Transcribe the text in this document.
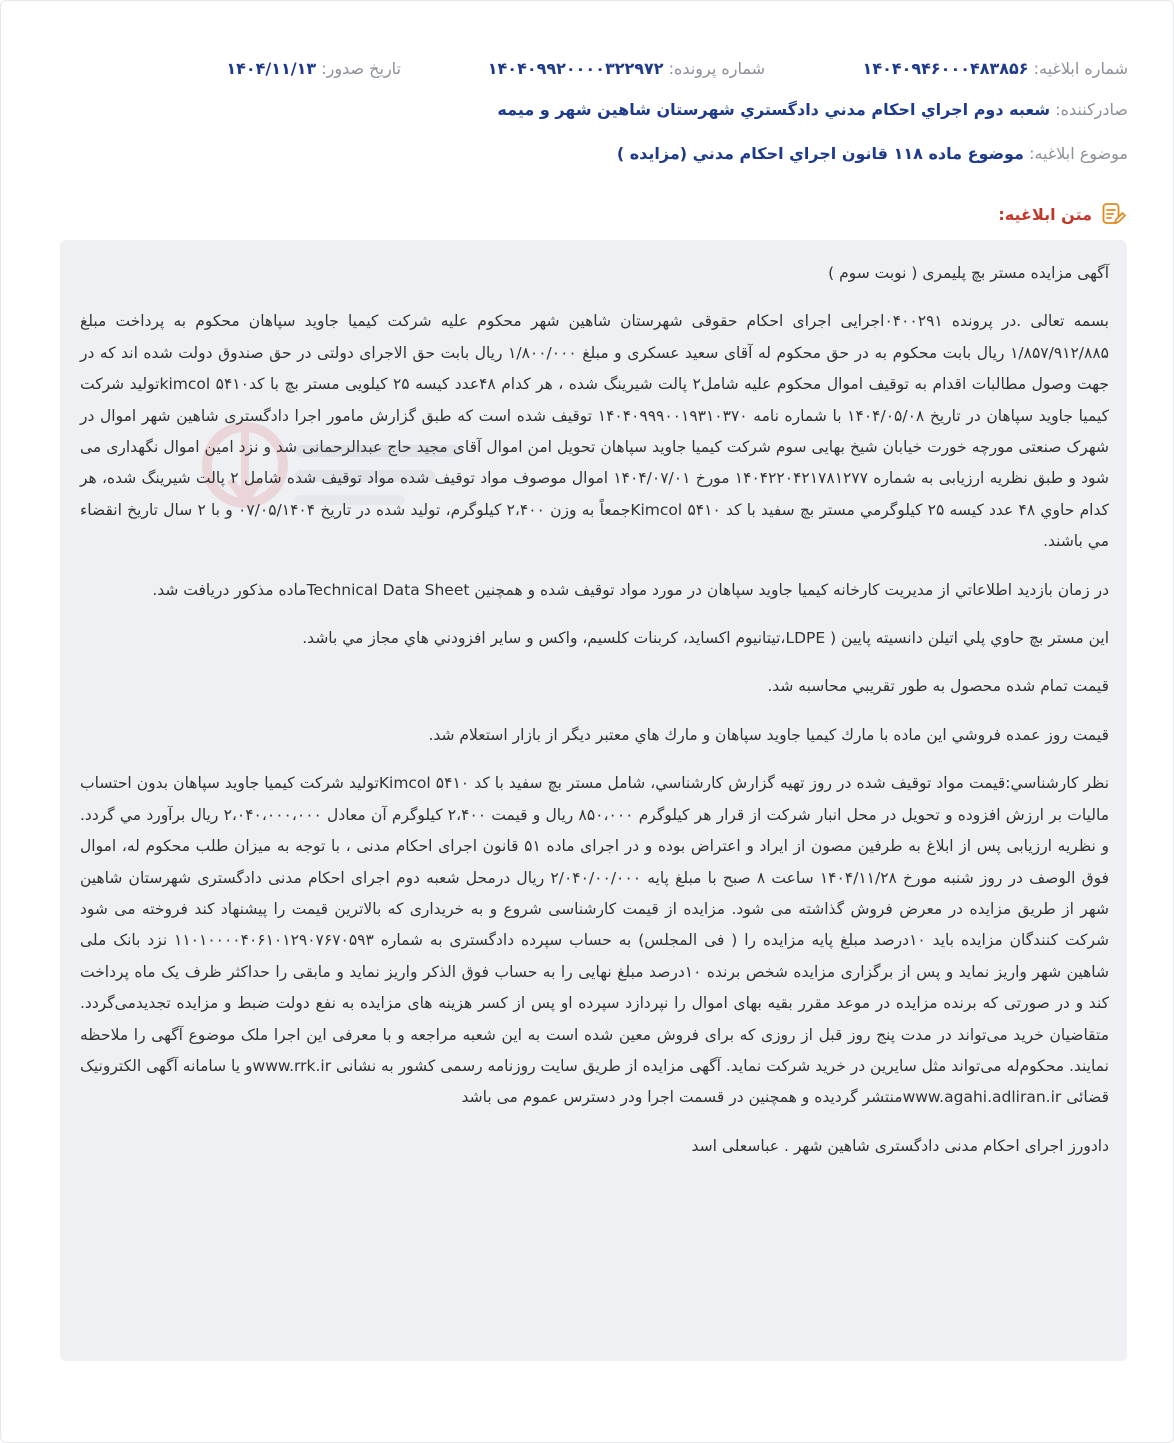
شماره ابلاغیه: ۱۴۰۴۰۹۴۶۰۰۰۴۸۳۸۵۶
شماره پرونده: ۱۴۰۴۰۹۹۲۰۰۰۰۳۲۲۹۷۲
تاریخ صدور: ۱۴۰۴/۱۱/۱۳
صادرکننده: شعبه دوم اجراي احكام مدني دادگستري شهرستان شاهين شهر و ميمه
موضوع ابلاغیه: موضوع ماده ۱۱۸ قانون اجراي احكام مدني (مزايده )
متن ابلاغیه:

آگهی مزایده مستر بچ پلیمری ( نوبت سوم )

بسمه تعالی .در پرونده ۰۴۰۰۲۹۱اجرایی اجرای احکام حقوقی شهرستان شاهین شهر محکوم علیه شرکت کیمیا جاوید سپاهان محکوم به پرداخت مبلغ ۱/۸۵۷/۹۱۲/۸۸۵ ریال بابت محکوم به در حق محکوم له آقای سعید عسکری و مبلغ ۱/۸۰۰/۰۰۰ ریال بابت حق الاجرای دولتی در حق صندوق دولت شده اند که در جهت وصول مطالبات اقدام به توقیف اموال محکوم علیه شامل۲ پالت شیرینگ شده ، هر کدام ۴۸عدد کیسه ۲۵ کیلویی مستر بچ با کد۵۴۱۰ kimcolتولید شرکت کیمیا جاوید سپاهان در تاریخ ۱۴۰۴/۰۵/۰۸ با شماره نامه ۱۴۰۴۰۹۹۹۰۰۱۹۳۱۰۳۷۰ توقیف شده است که طبق گزارش مامور اجرا دادگستری شاهین شهر اموال در شهرک صنعتی مورچه خورت خیابان شیخ بهایی سوم شرکت کیمیا جاوید سپاهان تحویل امن اموال آقای مجید حاج عبدالرحمانی شد و نزد امین اموال نگهداری می شود و طبق نظریه ارزیابی به شماره ۱۴۰۴۲۲۰۴۲۱۷۸۱۲۷۷ مورخ ۱۴۰۴/۰۷/۰۱ اموال موصوف مواد توقيف شده مواد توقيف شده شامل ۲ پالت شيرينگ شده، هر كدام حاوي ۴۸ عدد كيسه ۲۵ كيلوگرمي مستر بچ سفيد با كد Kimcol ۵۴۱۰جمعاً به وزن ۲،۴۰۰ كيلوگرم، توليد شده در تاريخ ۰۷/۰۵/۱۴۰۴ و با ۲ سال تاريخ انقضاء مي باشند.

در زمان بازديد اطلاعاتي از مديريت كارخانه كيميا جاويد سپاهان در مورد مواد توقيف شده و همچنين Technical Data Sheetماده مذكور دريافت شد.

اين مستر بچ حاوي پلي اتيلن دانسيته پايين ( LDPE،تيتانيوم اكسايد، كربنات كلسيم، واكس و ساير افزودني هاي مجاز مي باشد.

قيمت تمام شده محصول به طور تقريبي محاسبه شد.

قيمت روز عمده فروشي اين ماده با مارك كيميا جاويد سپاهان و مارك هاي معتبر ديگر از بازار استعلام شد.

نظر كارشناسي:قيمت مواد توقيف شده در روز تهيه گزارش كارشناسي، شامل مستر بچ سفيد با كد Kimcol ۵۴۱۰توليد شركت كيميا جاويد سپاهان بدون احتساب ماليات بر ارزش افزوده و تحويل در محل انبار شركت از قرار هر كيلوگرم ۸۵۰،۰۰۰ ريال و قيمت ۲،۴۰۰ كيلوگرم آن معادل ۲،۰۴۰،۰۰۰،۰۰۰ ريال برآورد مي گردد. و نظریه ارزیابی پس از ابلاغ به طرفین مصون از ایراد و اعتراض بوده و در اجرای ماده ۵۱ قانون اجرای احکام مدنی ، با توجه به میزان طلب محکوم له، اموال فوق الوصف در روز شنبه مورخ ۱۴۰۴/۱۱/۲۸ ساعت ۸ صبح با مبلغ پایه ۲/۰۴۰/۰۰/۰۰۰ ریال درمحل شعبه دوم اجرای احکام مدنی دادگستری شهرستان شاهین شهر از طریق مزایده در معرض فروش گذاشته می شود. مزایده از قیمت کارشناسی شروع و به خریداری که بالاترین قیمت را پیشنهاد کند فروخته می شود شرکت کنندگان مزایده باید ۱۰درصد مبلغ پایه مزایده را ( فی المجلس) به حساب سپرده دادگستری به شماره ۱۱۰۱۰۰۰۰۴۰۶۱۰۱۲۹۰۷۶۷۰۵۹۳ نزد بانک ملی شاهین شهر واریز نماید و پس از برگزاری مزایده شخص برنده ۱۰درصد مبلغ نهایی را به حساب فوق الذکر واریز نماید و مابقی را حداکثر ظرف یک ماه پرداخت کند و در صورتی که برنده مزایده در موعد مقرر بقیه بهای اموال را نپردازد سپرده او پس از کسر هزینه های مزایده به نفع دولت ضبط و مزایده تجدیدمی‌گردد. متقاضیان خرید می‌تواند در مدت پنج روز قبل از روزی که برای فروش معین شده است به این شعبه مراجعه و با معرفی این اجرا ملک موضوع آگهی را ملاحظه نمایند. محکوم‌له می‌تواند مثل سایرین در خرید شرکت نماید. آگهی مزایده از طریق سایت روزنامه رسمی کشور به نشانی www.rrk.irو یا سامانه آگهی الکترونیک قضائی www.agahi.adliran.irمنتشر گردیده و همچنین در قسمت اجرا ودر دسترس عموم می باشد

دادورز اجرای احکام مدنی دادگستری شاهین شهر . عباسعلی اسد
